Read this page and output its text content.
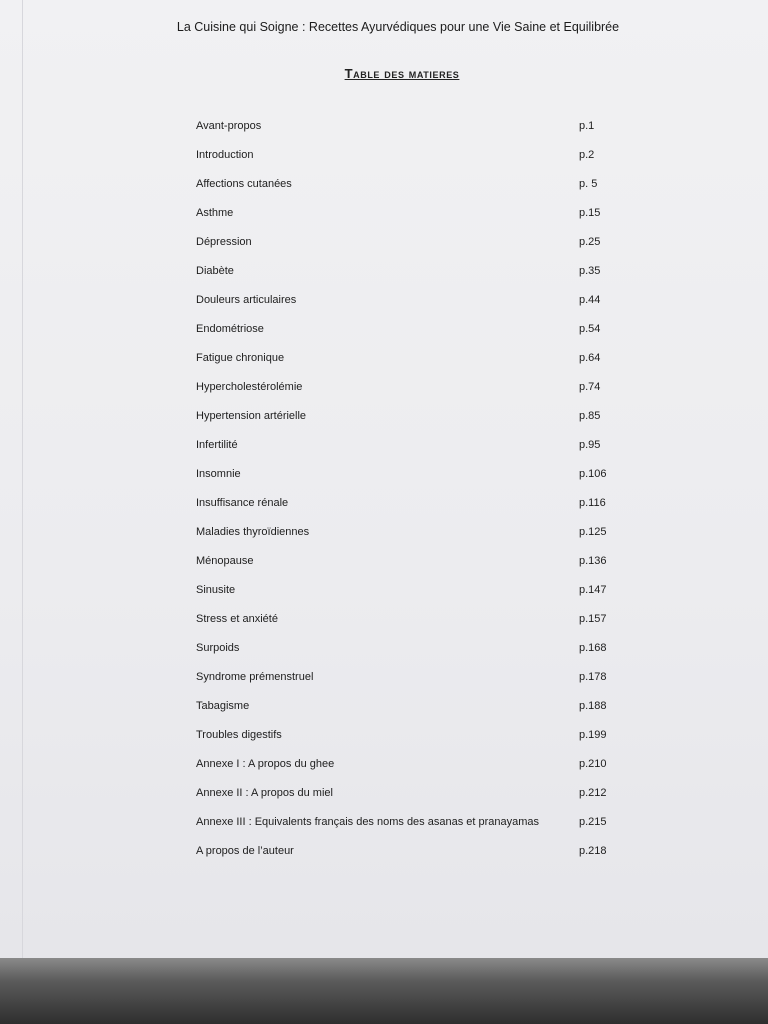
La Cuisine qui Soigne : Recettes Ayurvédiques pour une Vie Saine et Equilibrée
Table des matieres
Avant-propos	p.1
Introduction	p.2
Affections cutanées	p. 5
Asthme	p.15
Dépression	p.25
Diabète	p.35
Douleurs articulaires	p.44
Endométriose	p.54
Fatigue chronique	p.64
Hypercholestérolémie	p.74
Hypertension artérielle	p.85
Infertilité	p.95
Insomnie	p.106
Insuffisance rénale	p.116
Maladies thyroïdiennes	p.125
Ménopause	p.136
Sinusite	p.147
Stress et anxiété	p.157
Surpoids	p.168
Syndrome prémenstruel	p.178
Tabagisme	p.188
Troubles digestifs	p.199
Annexe I : A propos du ghee	p.210
Annexe II : A propos du miel	p.212
Annexe III : Equivalents français des noms des asanas et pranayamas	p.215
A propos de l’auteur	p.218
